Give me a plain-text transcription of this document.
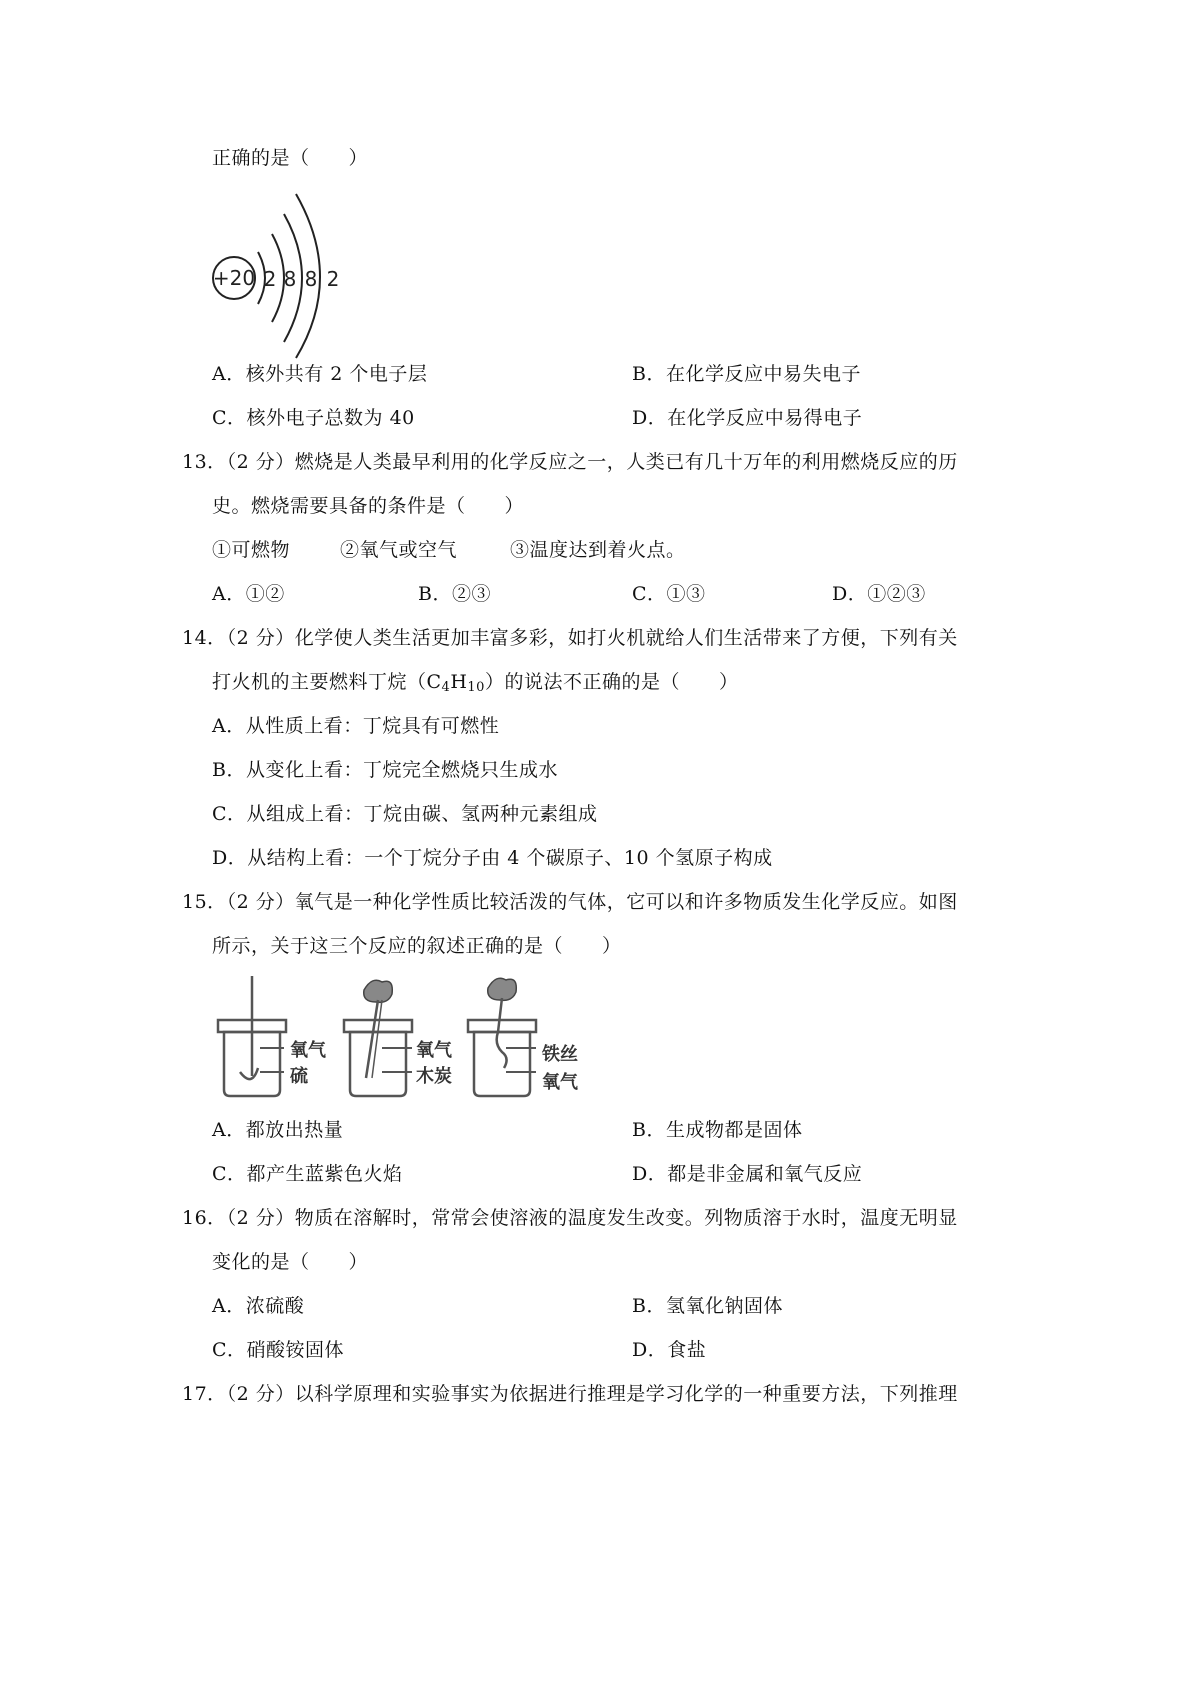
正确的是（　　）
+20 2 8 8 2
A．核外共有 2 个电子层	B．在化学反应中易失电子
C．核外电子总数为 40	D．在化学反应中易得电子
13．（2 分）燃烧是人类最早利用的化学反应之一，人类已有几十万年的利用燃烧反应的历
史。燃烧需要具备的条件是（　　）
①可燃物	②氧气或空气	③温度达到着火点。
A．①②	B．②③	C．①③	D．①②③
14．（2 分）化学使人类生活更加丰富多彩，如打火机就给人们生活带来了方便，下列有关
打火机的主要燃料丁烷$(C_4H_{10})$的说法不正确的是（　　）
A．从性质上看：丁烷具有可燃性
B．从变化上看：丁烷完全燃烧只生成水
C．从组成上看：丁烷由碳、氢两种元素组成
D．从结构上看：一个丁烷分子由 4 个碳原子、10 个氢原子构成
15．（2 分）氧气是一种化学性质比较活泼的气体，它可以和许多物质发生化学反应。如图
所示，关于这三个反应的叙述正确的是（　　）
氧气
硫
氧气
木炭
铁丝
氧气
A．都放出热量	B．生成物都是固体
C．都产生蓝紫色火焰	D．都是非金属和氧气反应
16．（2 分）物质在溶解时，常常会使溶液的温度发生改变。列物质溶于水时，温度无明显
变化的是（　　）
A．浓硫酸	B．氢氧化钠固体
C．硝酸铵固体	D．食盐
17．（2 分）以科学原理和实验事实为依据进行推理是学习化学的一种重要方法，下列推理
